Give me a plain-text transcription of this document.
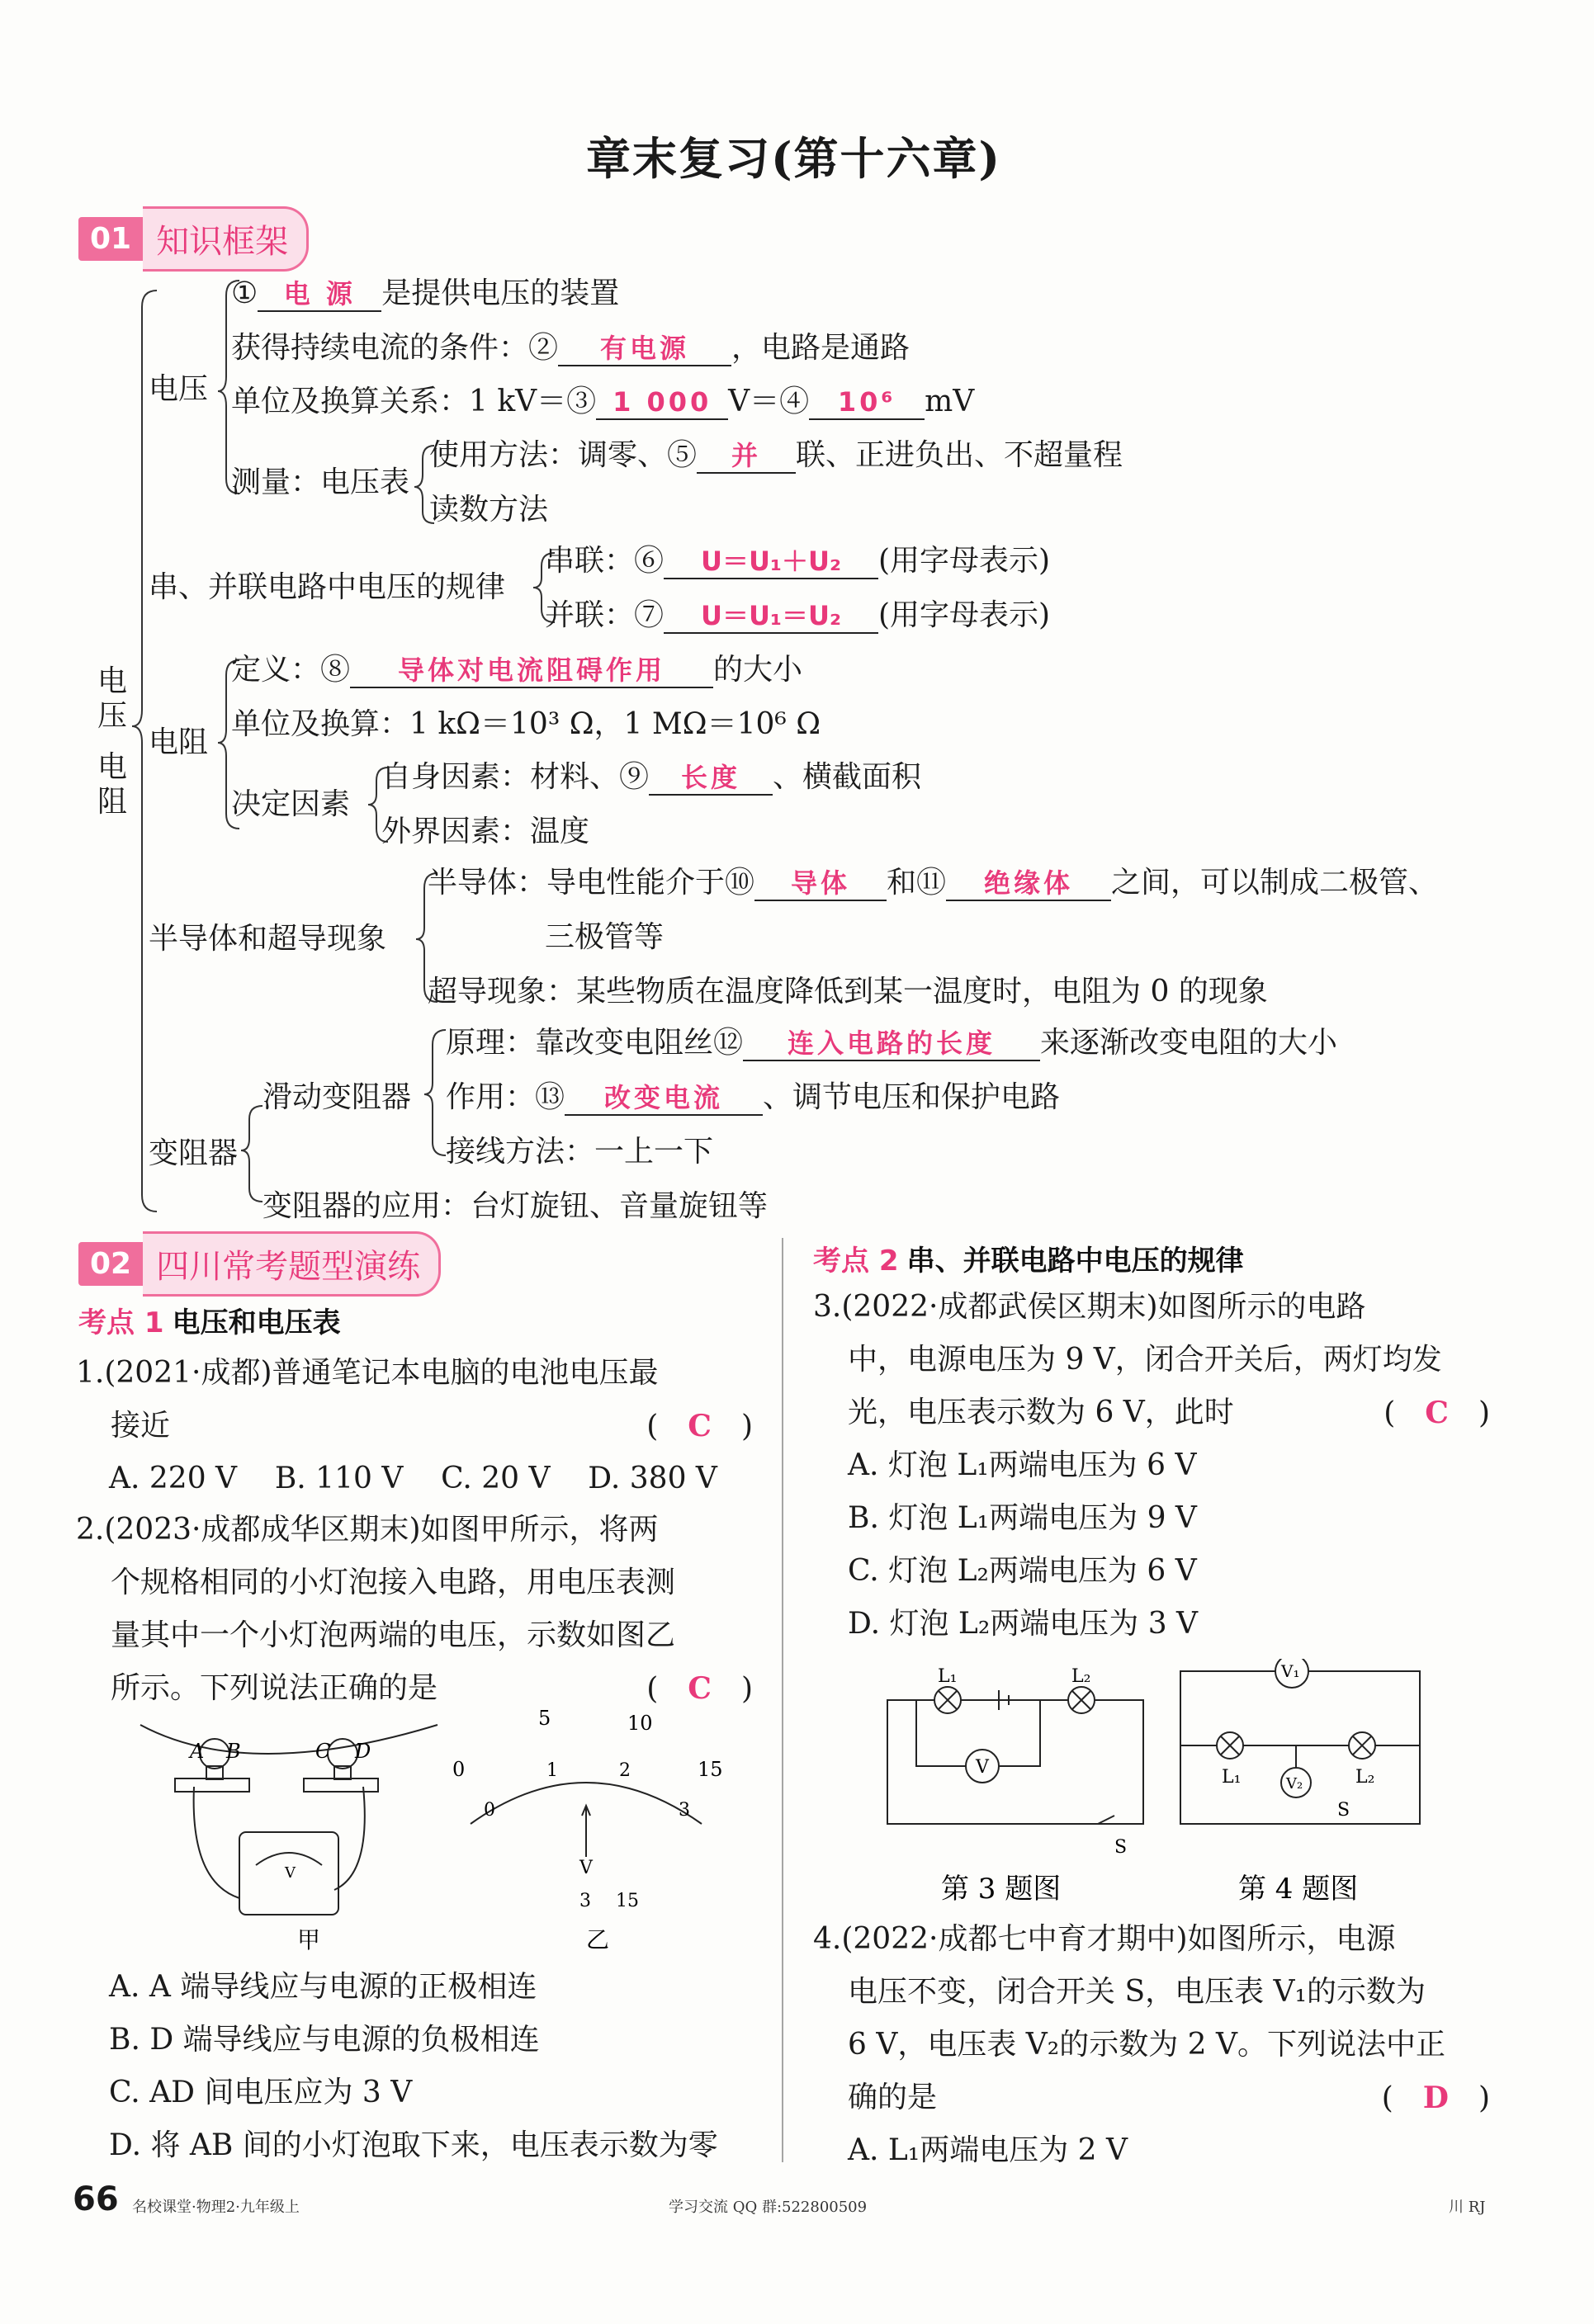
章末复习(第十六章)
01 知识框架
电
压
电
阻
电压
① 电 源 是提供电压的装置
获得持续电流的条件：② 有电源 ，电路是通路
单位及换算关系：1 kV＝③ 1 000 V＝④ 10⁶ mV
测量：电压表
使用方法：调零、⑤ 并 联、正进负出、不超量程
读数方法
串、并联电路中电压的规律
串联：⑥ U＝U₁＋U₂ (用字母表示)
并联：⑦ U＝U₁＝U₂ (用字母表示)
电阻
定义：⑧ 导体对电流阻碍作用 的大小
单位及换算：1 kΩ＝10³ Ω，1 MΩ＝10⁶ Ω
决定因素
自身因素：材料、⑨ 长度 、横截面积
外界因素：温度
半导体和超导现象
半导体：导电性能介于⑩ 导体 和⑪ 绝缘体 之间，可以制成二极管、
三极管等
超导现象：某些物质在温度降低到某一温度时，电阻为 0 的现象
变阻器
滑动变阻器
原理：靠改变电阻丝⑫ 连入电路的长度 来逐渐改变电阻的大小
作用：⑬ 改变电流 、调节电压和保护电路
接线方法：一上一下
变阻器的应用：台灯旋钮、音量旋钮等
02 四川常考题型演练
考点 1 电压和电压表
1.(2021·成都)普通笔记本电脑的电池电压最
接近	(　C　)
A. 220 V B. 110 V C. 20 V D. 380 V
2.(2023·成都成华区期末)如图甲所示，将两
个规格相同的小灯泡接入电路，用电压表测
量其中一个小灯泡两端的电压，示数如图乙
所示。下列说法正确的是	(　C　)
A B	C D
V
5	10
15
0
0
1	2
3
V
3 15
甲	乙
A. A 端导线应与电源的正极相连
B. D 端导线应与电源的负极相连
C. AD 间电压应为 3 V
D. 将 AB 间的小灯泡取下来，电压表示数为零
考点 2 串、并联电路中电压的规律
3.(2022·成都武侯区期末)如图所示的电路
中，电源电压为 9 V，闭合开关后，两灯均发
光，电压表示数为 6 V，此时	(　C　)
A. 灯泡 L₁两端电压为 6 V
B. 灯泡 L₁两端电压为 9 V
C. 灯泡 L₂两端电压为 6 V
D. 灯泡 L₂两端电压为 3 V
L₁	L₂
V
S
V₁
V₂
L₁	L₂
S
第 3 题图	第 4 题图
4.(2022·成都七中育才期中)如图所示，电源
电压不变，闭合开关 S，电压表 V₁的示数为
6 V，电压表 V₂的示数为 2 V。下列说法中正
确的是	(　D　)
A. L₁两端电压为 2 V
66 名校课堂·物理2·九年级上	学习交流 QQ 群:522800509	川 RJ
